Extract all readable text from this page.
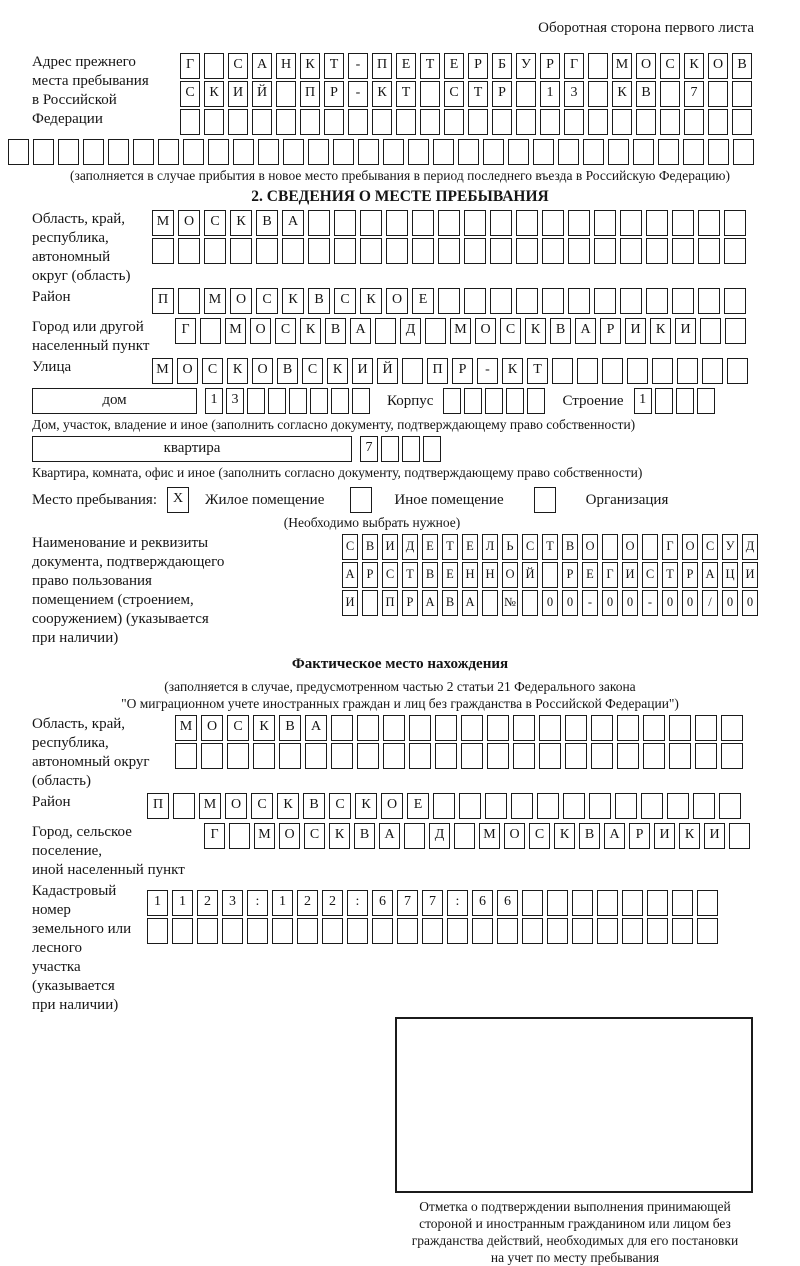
Оборотная сторона первого листа
Адрес прежнего
места пребывания
в Российской
Федерации
Г	С А Н К Т - П Е Т Е Р Б У Р Г	М О С К О В
С К И Й	П Р - К Т	С Т Р	1 3	К В	7
(заполняется в случае прибытия в новое место пребывания в период последнего въезда в Российскую Федерацию)
2. СВЕДЕНИЯ О МЕСТЕ ПРЕБЫВАНИЯ
Область, край,
республика,
автономный
округ (область)
М О С К В А
Район	П	М О С К В С К О Е
Город или другой
населенный пункт
Г	М О С К В А	Д	М О С К В А Р И К И
Улица	М О С К О В С К И Й	П Р - К Т
дом	1 3	Корпус	Строение 1
Дом, участок, владение и иное (заполнить согласно документу, подтверждающему право собственности)
квартира	7
Квартира, комната, офис и иное (заполнить согласно документу, подтверждающему право собственности)
Место пребывания:	X	Жилое помещение	Иное помещение	Организация
(Необходимо выбрать нужное)
Наименование и реквизиты
документа, подтверждающего
право пользования
помещением (строением,
сооружением) (указывается
при наличии)
С В И Д Е Т Е Л Ь С Т В О О	Г О С У Д
А Р С Т В Е Н Н О Й	Р Е Г И С Т Р А Ц И
И П Р А В А № 0 0 - 0 0 - 0 0 / 0 0
Фактическое место нахождения
(заполняется в случае, предусмотренном частью 2 статьи 21 Федерального закона
"О миграционном учете иностранных граждан и лиц без гражданства в Российской Федерации")
Область, край,
республика,
автономный округ
(область)
М О С К В А
Район	П	М О С К В С К О Е
Город, сельское поселение,
иной населенный пункт
Г	М О С К В А	Д	М О С К В А Р И К И
Кадастровый номер
земельного или лесного
участка (указывается
при наличии)
1 1 2 3 : 1 2 2 : 6 7 7 : 6 6
Отметка о подтверждении выполнения принимающей
стороной и иностранным гражданином или лицом без
гражданства действий, необходимых для его постановки
на учет по месту пребывания
